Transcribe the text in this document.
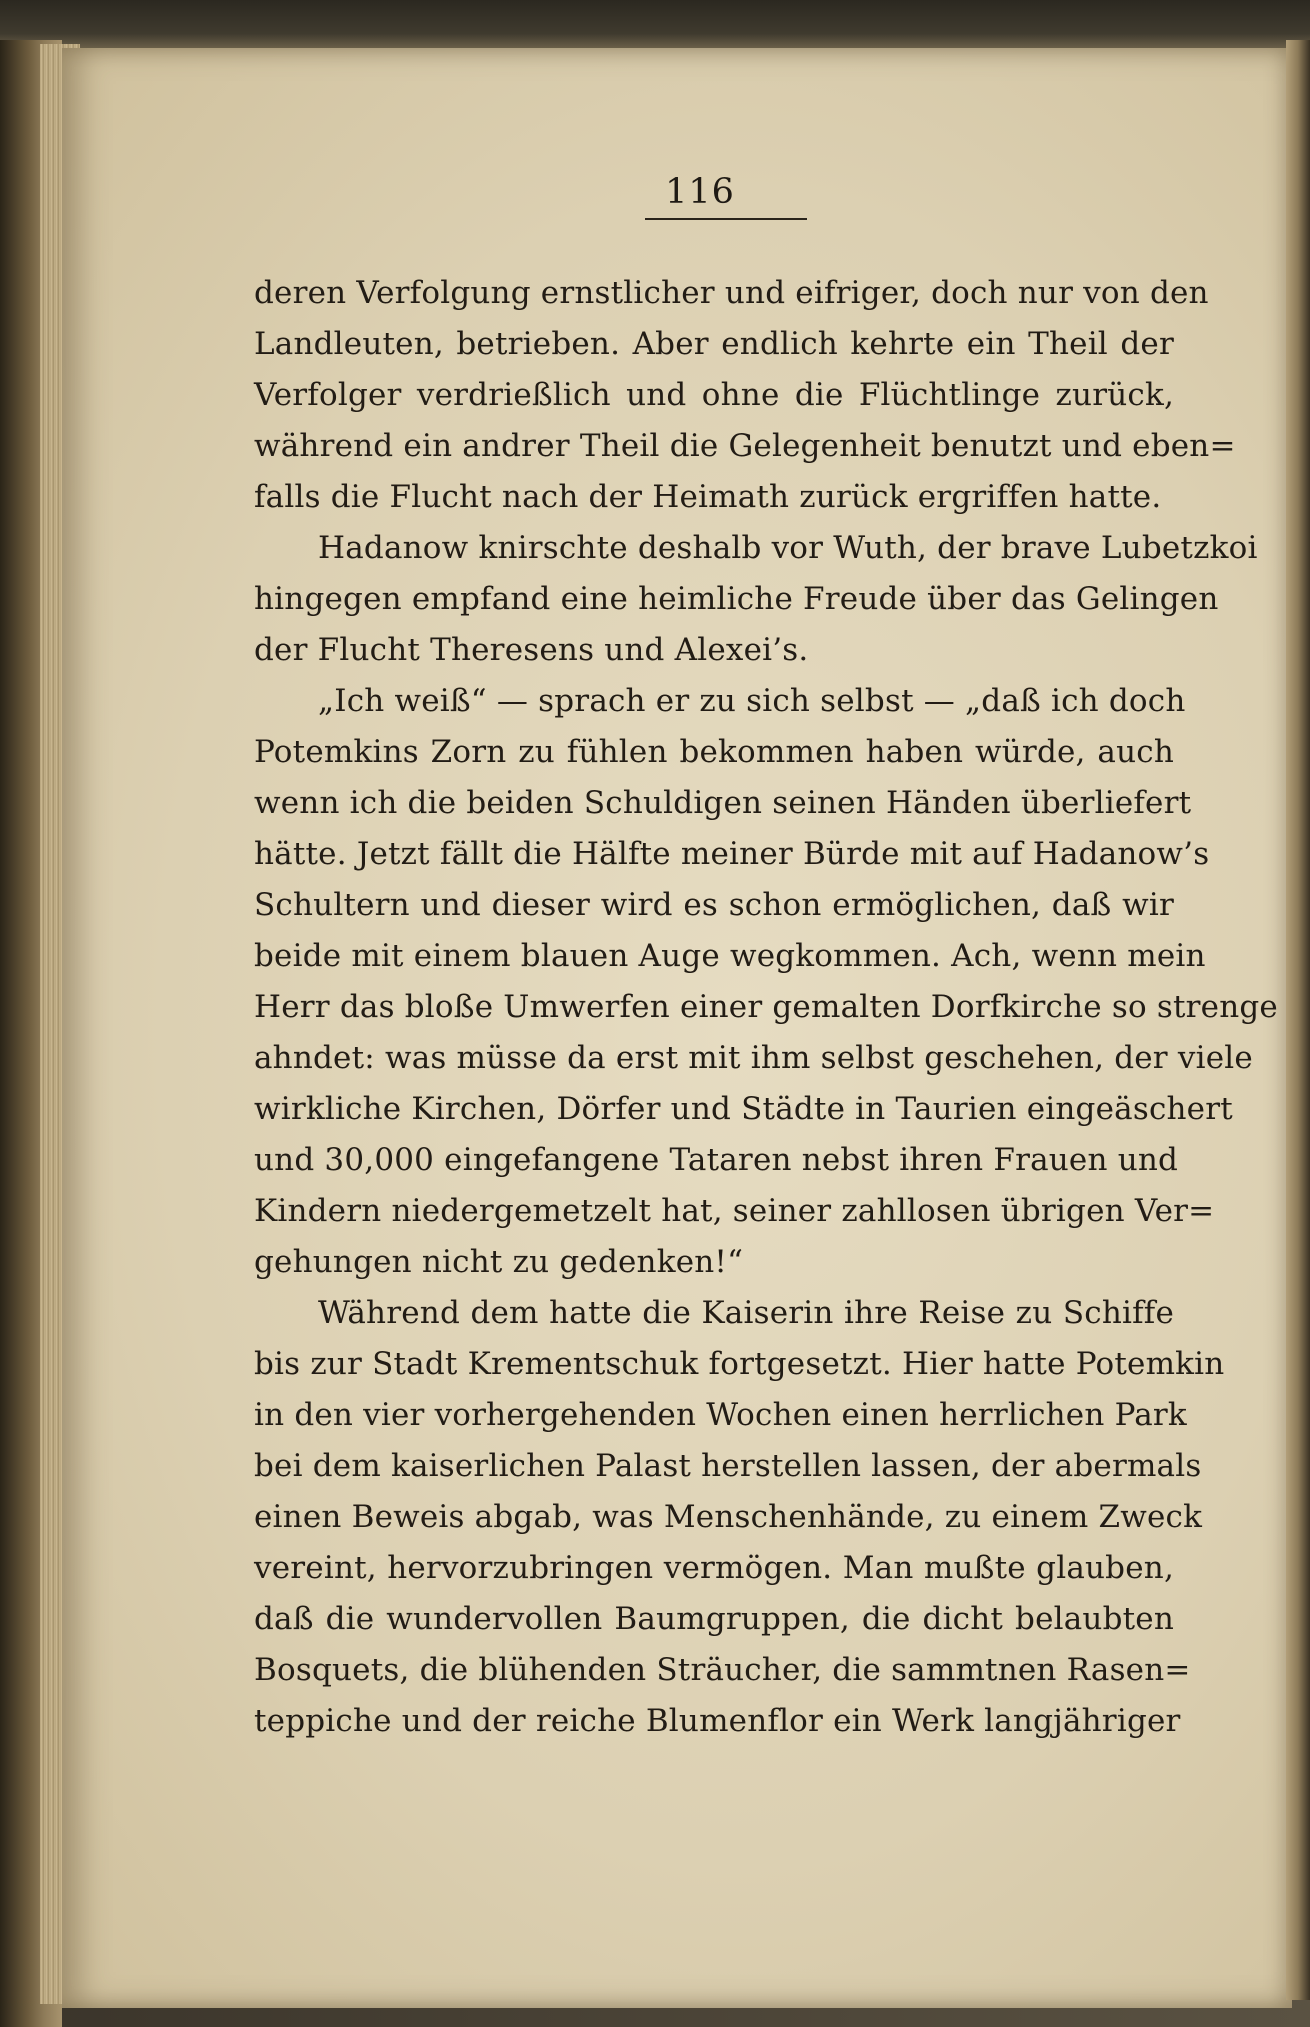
116
deren Verfolgung ernstlicher und eifriger, doch nur von den
Landleuten, betrieben. Aber endlich kehrte ein Theil der
Verfolger verdrießlich und ohne die Flüchtlinge zurück,
während ein andrer Theil die Gelegenheit benutzt und eben=
falls die Flucht nach der Heimath zurück ergriffen hatte.
Hadanow knirschte deshalb vor Wuth, der brave Lubetzkoi
hingegen empfand eine heimliche Freude über das Gelingen
der Flucht Theresens und Alexei’s.
„Ich weiß“ — sprach er zu sich selbst — „daß ich doch
Potemkins Zorn zu fühlen bekommen haben würde, auch
wenn ich die beiden Schuldigen seinen Händen überliefert
hätte. Jetzt fällt die Hälfte meiner Bürde mit auf Hadanow’s
Schultern und dieser wird es schon ermöglichen, daß wir
beide mit einem blauen Auge wegkommen. Ach, wenn mein
Herr das bloße Umwerfen einer gemalten Dorfkirche so strenge
ahndet: was müsse da erst mit ihm selbst geschehen, der viele
wirkliche Kirchen, Dörfer und Städte in Taurien eingeäschert
und 30,000 eingefangene Tataren nebst ihren Frauen und
Kindern niedergemetzelt hat, seiner zahllosen übrigen Ver=
gehungen nicht zu gedenken!“
Während dem hatte die Kaiserin ihre Reise zu Schiffe
bis zur Stadt Krementschuk fortgesetzt. Hier hatte Potemkin
in den vier vorhergehenden Wochen einen herrlichen Park
bei dem kaiserlichen Palast herstellen lassen, der abermals
einen Beweis abgab, was Menschenhände, zu einem Zweck
vereint, hervorzubringen vermögen. Man mußte glauben,
daß die wundervollen Baumgruppen, die dicht belaubten
Bosquets, die blühenden Sträucher, die sammtnen Rasen=
teppiche und der reiche Blumenflor ein Werk langjähriger
